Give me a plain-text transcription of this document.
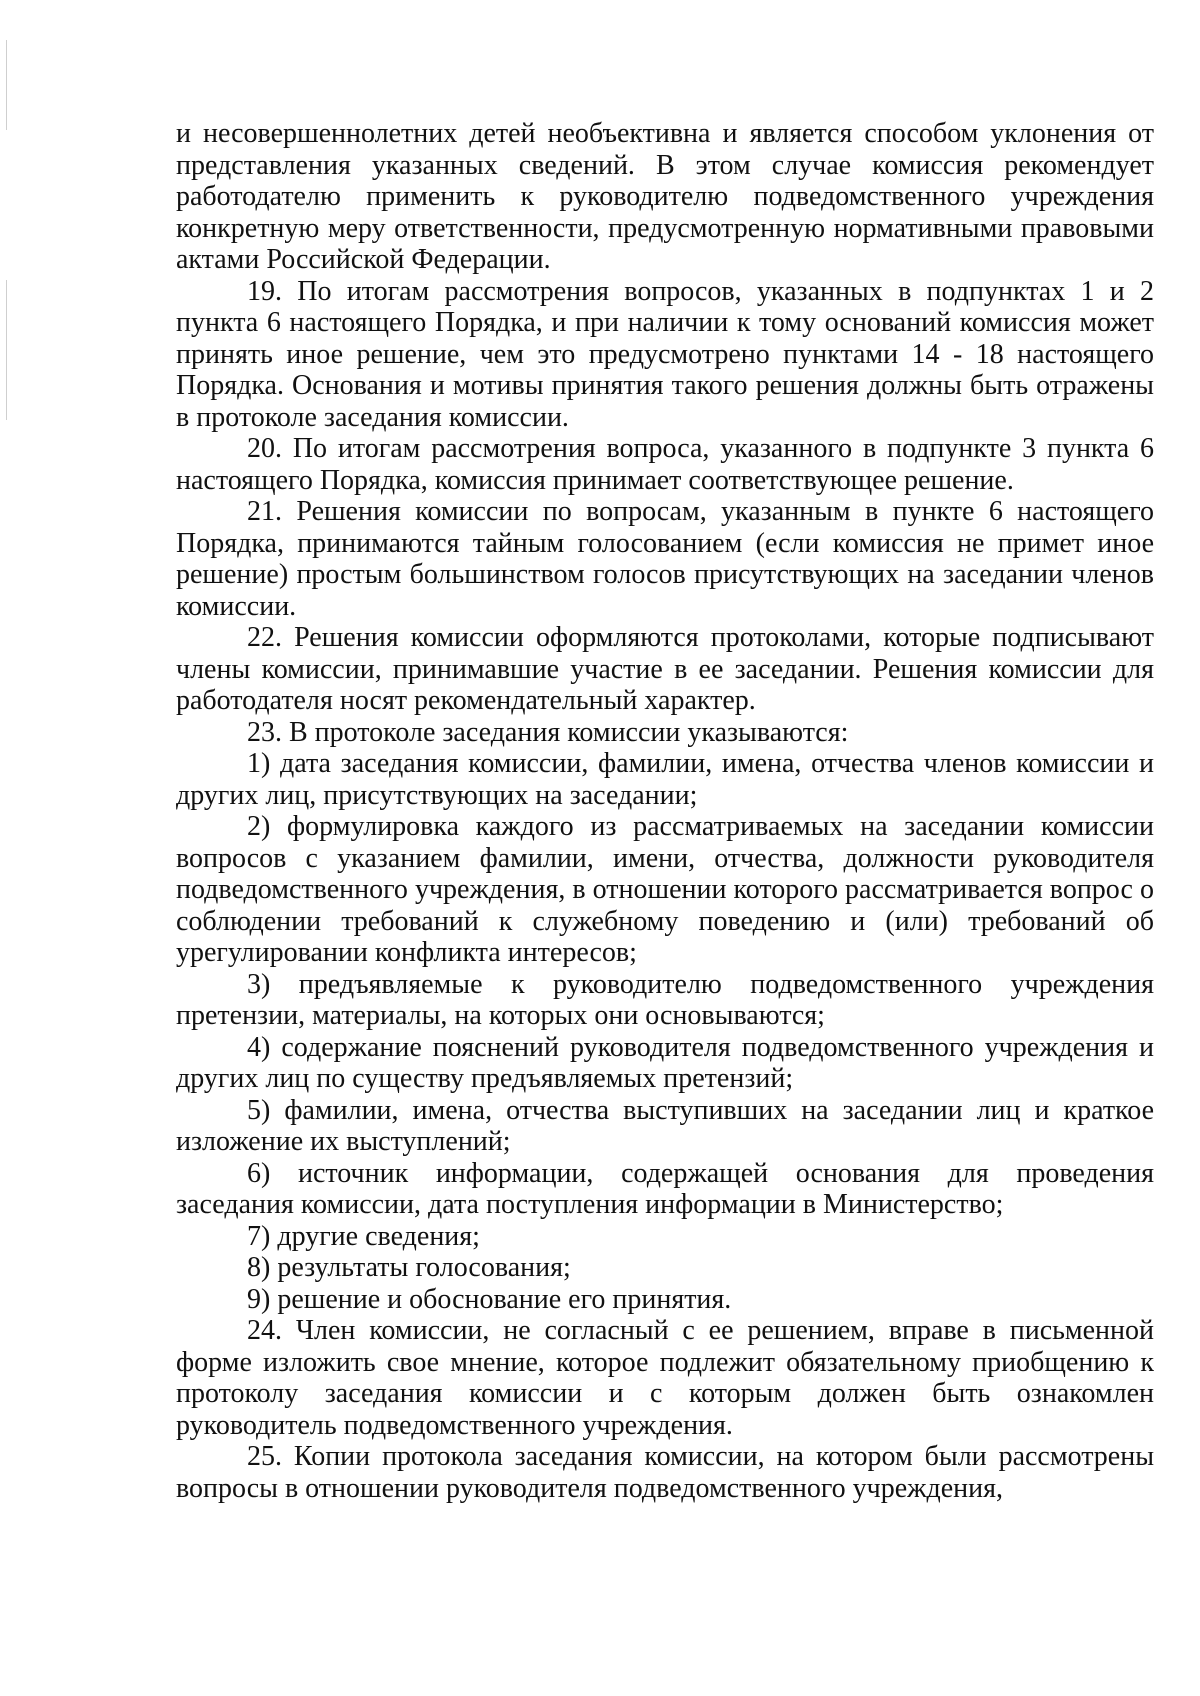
и несовершеннолетних детей необъективна и является способом уклонения от представления указанных сведений. В этом случае комиссия рекомендует работодателю применить к руководителю подведомственного учреждения конкретную меру ответственности, предусмотренную нормативными правовыми актами Российской Федерации.

19. По итогам рассмотрения вопросов, указанных в подпунктах 1 и 2 пункта 6 настоящего Порядка, и при наличии к тому оснований комиссия может принять иное решение, чем это предусмотрено пунктами 14 - 18 настоящего Порядка. Основания и мотивы принятия такого решения должны быть отражены в протоколе заседания комиссии.

20. По итогам рассмотрения вопроса, указанного в подпункте 3 пункта 6 настоящего Порядка, комиссия принимает соответствующее решение.

21. Решения комиссии по вопросам, указанным в пункте 6 настоящего Порядка, принимаются тайным голосованием (если комиссия не примет иное решение) простым большинством голосов присутствующих на заседании членов комиссии.

22. Решения комиссии оформляются протоколами, которые подписывают члены комиссии, принимавшие участие в ее заседании. Решения комиссии для работодателя носят рекомендательный характер.

23. В протоколе заседания комиссии указываются:

1) дата заседания комиссии, фамилии, имена, отчества членов комиссии и других лиц, присутствующих на заседании;

2) формулировка каждого из рассматриваемых на заседании комиссии вопросов с указанием фамилии, имени, отчества, должности руководителя подведомственного учреждения, в отношении которого рассматривается вопрос о соблюдении требований к служебному поведению и (или) требований об урегулировании конфликта интересов;

3) предъявляемые к руководителю подведомственного учреждения претензии, материалы, на которых они основываются;

4) содержание пояснений руководителя подведомственного учреждения и других лиц по существу предъявляемых претензий;

5) фамилии, имена, отчества выступивших на заседании лиц и краткое изложение их выступлений;

6) источник информации, содержащей основания для проведения заседания комиссии, дата поступления информации в Министерство;

7) другие сведения;

8) результаты голосования;

9) решение и обоснование его принятия.

24. Член комиссии, не согласный с ее решением, вправе в письменной форме изложить свое мнение, которое подлежит обязательному приобщению к протоколу заседания комиссии и с которым должен быть ознакомлен руководитель подведомственного учреждения.

25. Копии протокола заседания комиссии, на котором были рассмотрены вопросы в отношении руководителя подведомственного учреждения,
